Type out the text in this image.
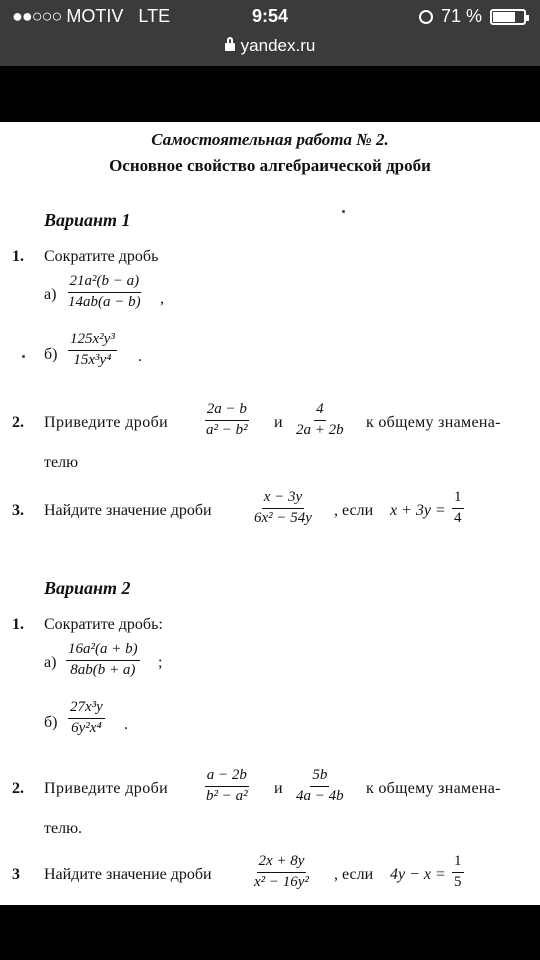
●●○○○ MOTIV LTE	9:54	71 %
yandex.ru
Самостоятельная работа № 2.
Основное свойство алгебраической дроби
Вариант 1
1. Сократите дробь
$а) \frac{\text{21a²(b − a)}}{14ab(a - b)}$ ,
$б) \frac{\text{125x²y³}}{\text{15x³y⁴}}$ .
2. Приведите дроби $\frac{2a - b}{\text{a² − b²}}$ и $\frac{4}{2a + 2b}$ к общему знамена-
телю
3. Найдите значение дроби	$\frac{x - 3y}{\text{6x² − 54y}}$ , если $x + 3y = \frac{1}{4}$
Вариант 2
1. Сократите дробь:
$а) \frac{\text{16a²(a + b)}}{8ab(b + a)}$ ;
$б) \frac{\text{27x³y}}{\text{6y²x⁴}}$ .
2. Приведите дроби $\frac{a - 2b}{\text{b² − a²}}$ и $\frac{5b}{4a - 4b}$ к общему знамена-
телю.
3 Найдите значение дроби	$\frac{2x + 8y}{\text{x² − 16y²}}$ , если $4y - x = \frac{1}{5}$
